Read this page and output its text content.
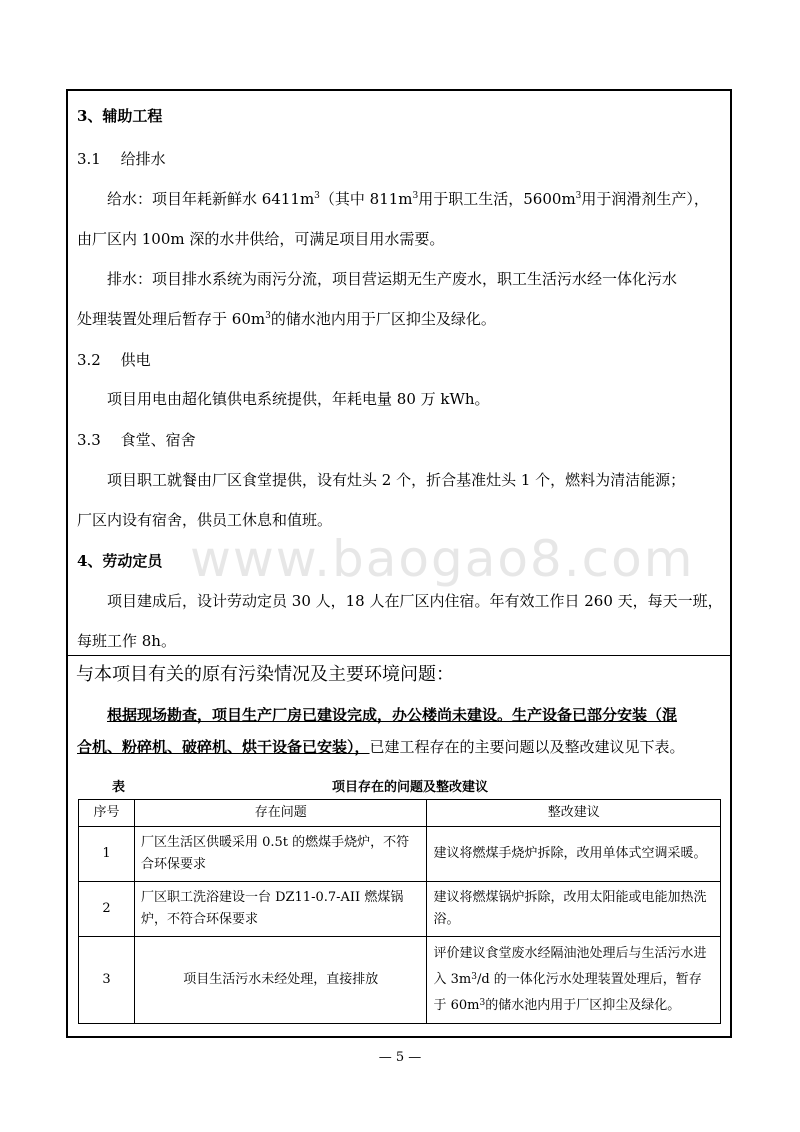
www.baogao8.com
3、辅助工程
3.1　 给排水
给水：项目年耗新鲜水 $6411m^3$（其中 $811m^3$用于职工生活，$5600m^3$用于润滑剂生产），
由厂区内 100m 深的水井供给，可满足项目用水需要。
排水：项目排水系统为雨污分流，项目营运期无生产废水，职工生活污水经一体化污水
处理装置处理后暂存于 $60m^3$的储水池内用于厂区抑尘及绿化。
3.2　 供电
项目用电由超化镇供电系统提供，年耗电量 80 万 kWh。
3.3　 食堂、宿舍
项目职工就餐由厂区食堂提供，设有灶头 2 个，折合基准灶头 1 个，燃料为清洁能源；
厂区内设有宿舍，供员工休息和值班。
4、劳动定员
项目建成后，设计劳动定员 30 人，18 人在厂区内住宿。年有效工作日 260 天，每天一班，
每班工作 8h。
与本项目有关的原有污染情况及主要环境问题：
根据现场勘查，项目生产厂房已建设完成，办公楼尚未建设。生产设备已部分安装（混
合机、粉碎机、破碎机、烘干设备已安装），已建工程存在的主要问题以及整改建议见下表。
表	项目存在的问题及整改建议
序号	存在问题	整改建议
1	厂区生活区供暖采用 0.5t 的燃煤手烧炉，不符合环保要求	建议将燃煤手烧炉拆除，改用单体式空调采暖。
2	厂区职工洗浴建设一台 DZ11-0.7-AII 燃煤锅炉，不符合环保要求	建议将燃煤锅炉拆除，改用太阳能或电能加热洗浴。
3	项目生活污水未经处理，直接排放	评价建议食堂废水经隔油池处理后与生活污水进入 $3m^3/d$ 的一体化污水处理装置处理后，暂存于 $60m^3$的储水池内用于厂区抑尘及绿化。
— 5 —
